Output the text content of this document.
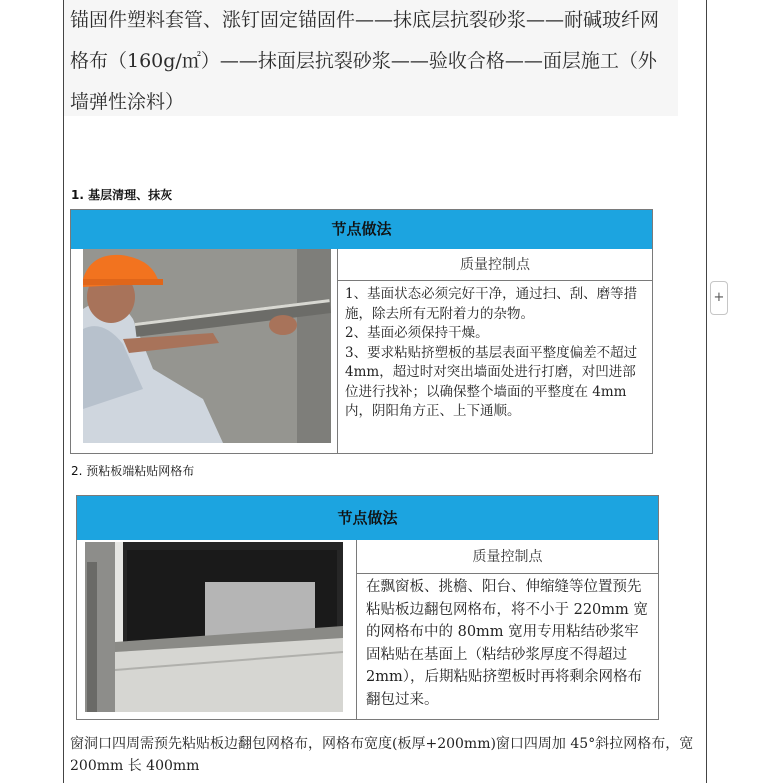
锚固件塑料套管、涨钉固定锚固件——抹底层抗裂砂浆——耐碱玻纤网格布（160g/㎡）——抹面层抗裂砂浆——验收合格——面层施工（外墙弹性涂料）
1. 基层清理、抹灰
节点做法
质量控制点
1、基面状态必须完好干净，通过扫、刮、磨等措施，除去所有无附着力的杂物。
2、基面必须保持干燥。
3、要求粘贴挤塑板的基层表面平整度偏差不超过 4mm，超过时对突出墙面处进行打磨，对凹进部位进行找补；以确保整个墙面的平整度在 4mm 内，阴阳角方正、上下通顺。
2. 预粘板端粘贴网格布
节点做法
质量控制点
在飘窗板、挑檐、阳台、伸缩缝等位置预先粘贴板边翻包网格布，将不小于 220mm 宽的网格布中的 80mm 宽用专用粘结砂浆牢固粘贴在基面上（粘结砂浆厚度不得超过 2mm），后期粘贴挤塑板时再将剩余网格布翻包过来。
窗洞口四周需预先粘贴板边翻包网格布，网格布宽度(板厚+200mm)窗口四周加 45°斜拉网格布，宽 200mm 长 400mm
+
